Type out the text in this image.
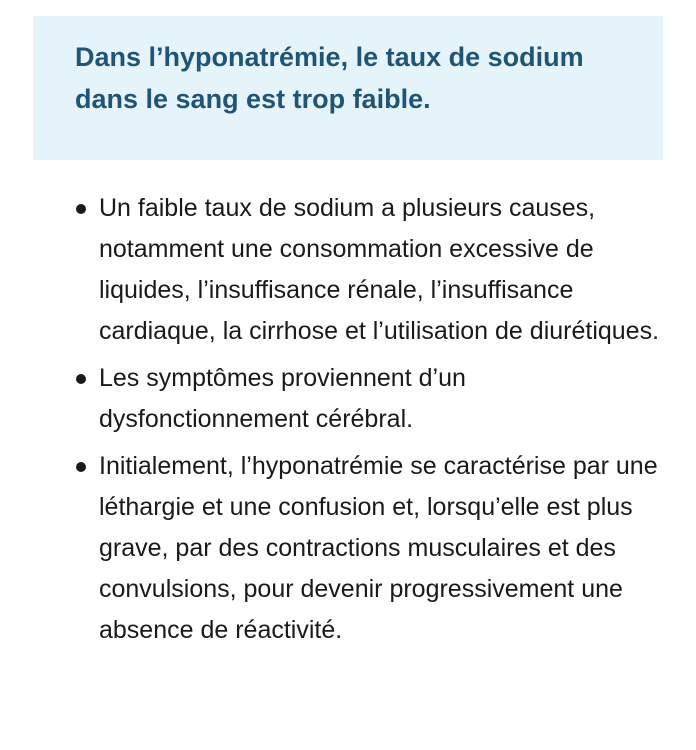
Dans l’hyponatrémie, le taux de sodium dans le sang est trop faible.

Un faible taux de sodium a plusieurs causes, notamment une consommation excessive de liquides, l’insuffisance rénale, l’insuffisance cardiaque, la cirrhose et l’utilisation de diurétiques.
Les symptômes proviennent d’un dysfonctionnement cérébral.
Initialement, l’hyponatrémie se caractérise par une léthargie et une confusion et, lorsqu’elle est plus grave, par des contractions musculaires et des convulsions, pour devenir progressivement une absence de réactivité.
